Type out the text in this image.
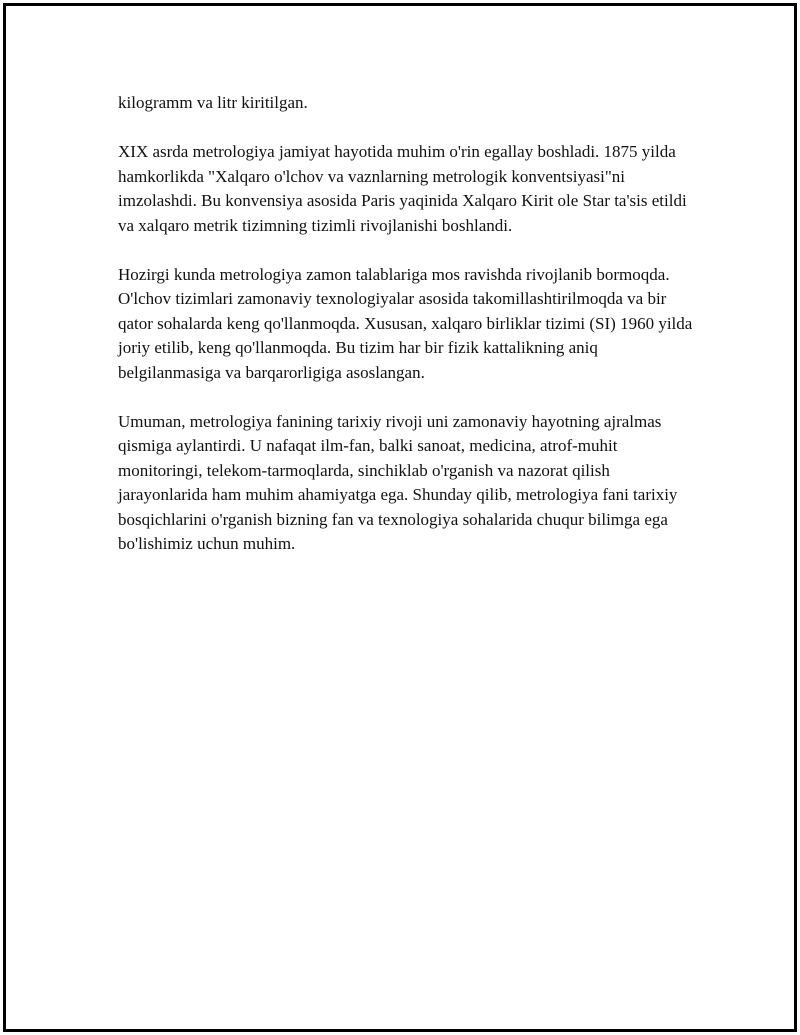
kilogramm va litr kiritilgan.

XIX asrda metrologiya jamiyat hayotida muhim o'rin egallay boshladi. 1875 yilda hamkorlikda "Xalqaro o'lchov va vaznlarning metrologik konventsiyasi"ni imzolashdi. Bu konvensiya asosida Paris yaqinida Xalqaro Kirit ole Star ta'sis etildi va xalqaro metrik tizimning tizimli rivojlanishi boshlandi.

Hozirgi kunda metrologiya zamon talablariga mos ravishda rivojlanib bormoqda. O'lchov tizimlari zamonaviy texnologiyalar asosida takomillashtirilmoqda va bir qator sohalarda keng qo'llanmoqda. Xususan, xalqaro birliklar tizimi (SI) 1960 yilda joriy etilib, keng qo'llanmoqda. Bu tizim har bir fizik kattalikning aniq belgilanmasiga va barqarorligiga asoslangan.

Umuman, metrologiya fanining tarixiy rivoji uni zamonaviy hayotning ajralmas qismiga aylantirdi. U nafaqat ilm-fan, balki sanoat, medicina, atrof-muhit monitoringi, telekom-tarmoqlarda, sinchiklab o'rganish va nazorat qilish jarayonlarida ham muhim ahamiyatga ega. Shunday qilib, metrologiya fani tarixiy bosqichlarini o'rganish bizning fan va texnologiya sohalarida chuqur bilimga ega bo'lishimiz uchun muhim.
